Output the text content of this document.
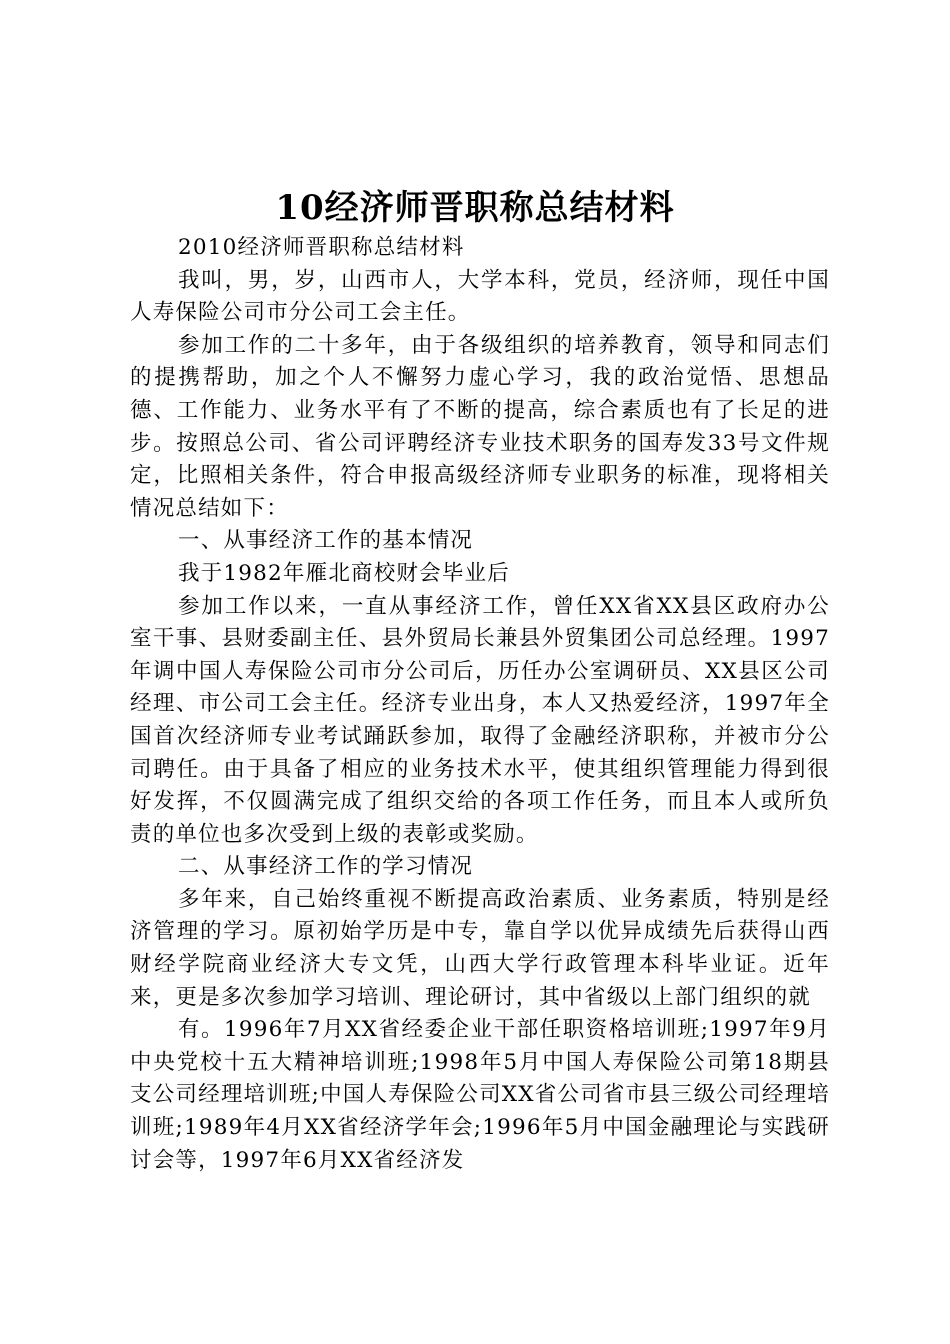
10经济师晋职称总结材料

2010经济师晋职称总结材料

我叫，男，岁，山西市人，大学本科，党员，经济师，现任中国人寿保险公司市分公司工会主任。

参加工作的二十多年，由于各级组织的培养教育，领导和同志们的提携帮助，加之个人不懈努力虚心学习，我的政治觉悟、思想品德、工作能力、业务水平有了不断的提高，综合素质也有了长足的进步。按照总公司、省公司评聘经济专业技术职务的国寿发33号文件规定，比照相关条件，符合申报高级经济师专业职务的标准，现将相关情况总结如下：

一、从事经济工作的基本情况

我于1982年雁北商校财会毕业后

参加工作以来，一直从事经济工作，曾任XX省XX县区政府办公室干事、县财委副主任、县外贸局长兼县外贸集团公司总经理。1997年调中国人寿保险公司市分公司后，历任办公室调研员、XX县区公司经理、市公司工会主任。经济专业出身，本人又热爱经济，1997年全国首次经济师专业考试踊跃参加，取得了金融经济职称，并被市分公司聘任。由于具备了相应的业务技术水平，使其组织管理能力得到很好发挥，不仅圆满完成了组织交给的各项工作任务，而且本人或所负责的单位也多次受到上级的表彰或奖励。

二、从事经济工作的学习情况

多年来，自己始终重视不断提高政治素质、业务素质，特别是经济管理的学习。原初始学历是中专，靠自学以优异成绩先后获得山西财经学院商业经济大专文凭，山西大学行政管理本科毕业证。近年来，更是多次参加学习培训、理论研讨，其中省级以上部门组织的就

有。1996年7月XX省经委企业干部任职资格培训班;1997年9月中央党校十五大精神培训班;1998年5月中国人寿保险公司第18期县支公司经理培训班;中国人寿保险公司XX省公司省市县三级公司经理培训班;1989年4月XX省经济学年会;1996年5月中国金融理论与实践研讨会等，1997年6月XX省经济发
